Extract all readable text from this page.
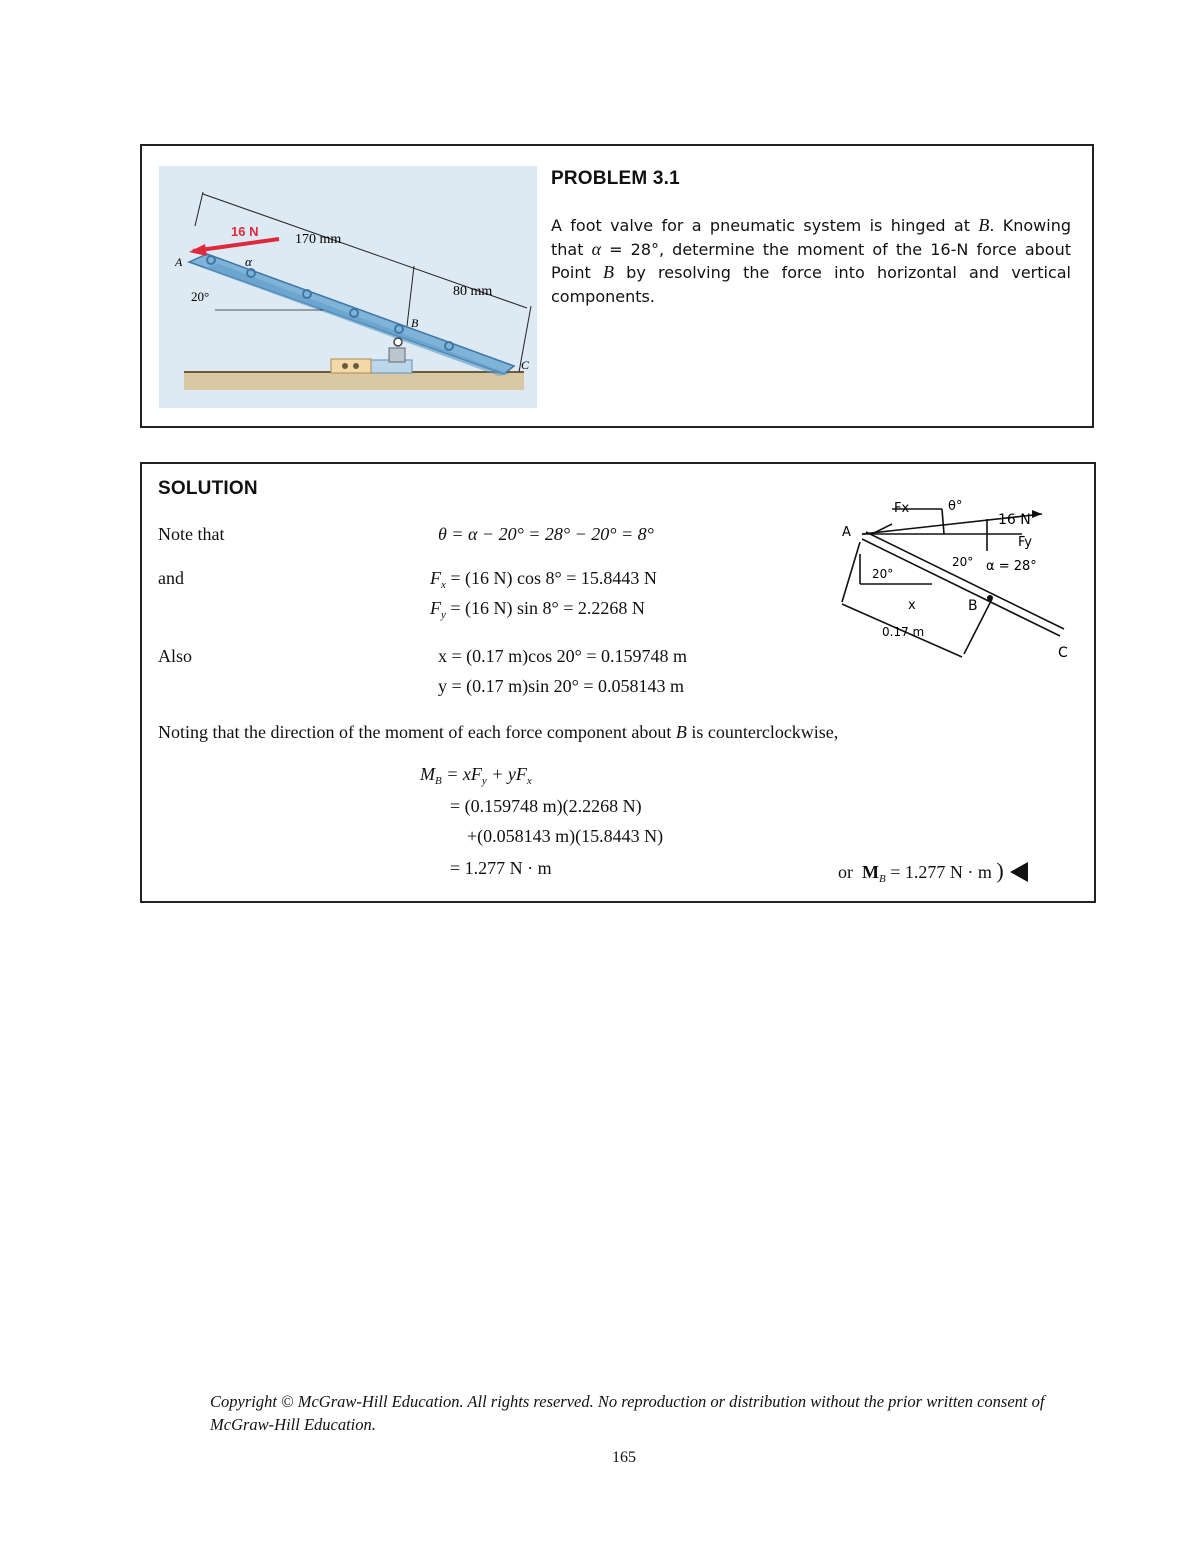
16 N
170 mm
80 mm
20°
α
A
B
C
PROBLEM 3.1
A foot valve for a pneumatic system is hinged at B. Knowing that α = 28°, determine the moment of the 16-N force about Point B by resolving the force into horizontal and vertical components.
SOLUTION
Note that	θ = α − 20° = 28° − 20° = 8°
and	$F_x = (16$ N) cos 8° = 15.8443 N
$F_y = (16$ N) sin 8° = 2.2268 N
Also	x = (0.17 m)cos 20° = 0.159748 m
y = (0.17 m)sin 20° = 0.058143 m
Noting that the direction of the moment of each force component about B is counterclockwise,
$M_B = xF_y + yF_x$
= (0.159748 m)(2.2268 N)
+(0.058143 m)(15.8443 N)
= 1.277 N · m	or $M_B = 1.277$ N · m )
Fx	θ°
16 N
Fy
A
20°
20°	α = 28°
x	B
C
0.17 m
Copyright © McGraw-Hill Education. All rights reserved. No reproduction or distribution without the prior written consent of McGraw-Hill Education.
165
